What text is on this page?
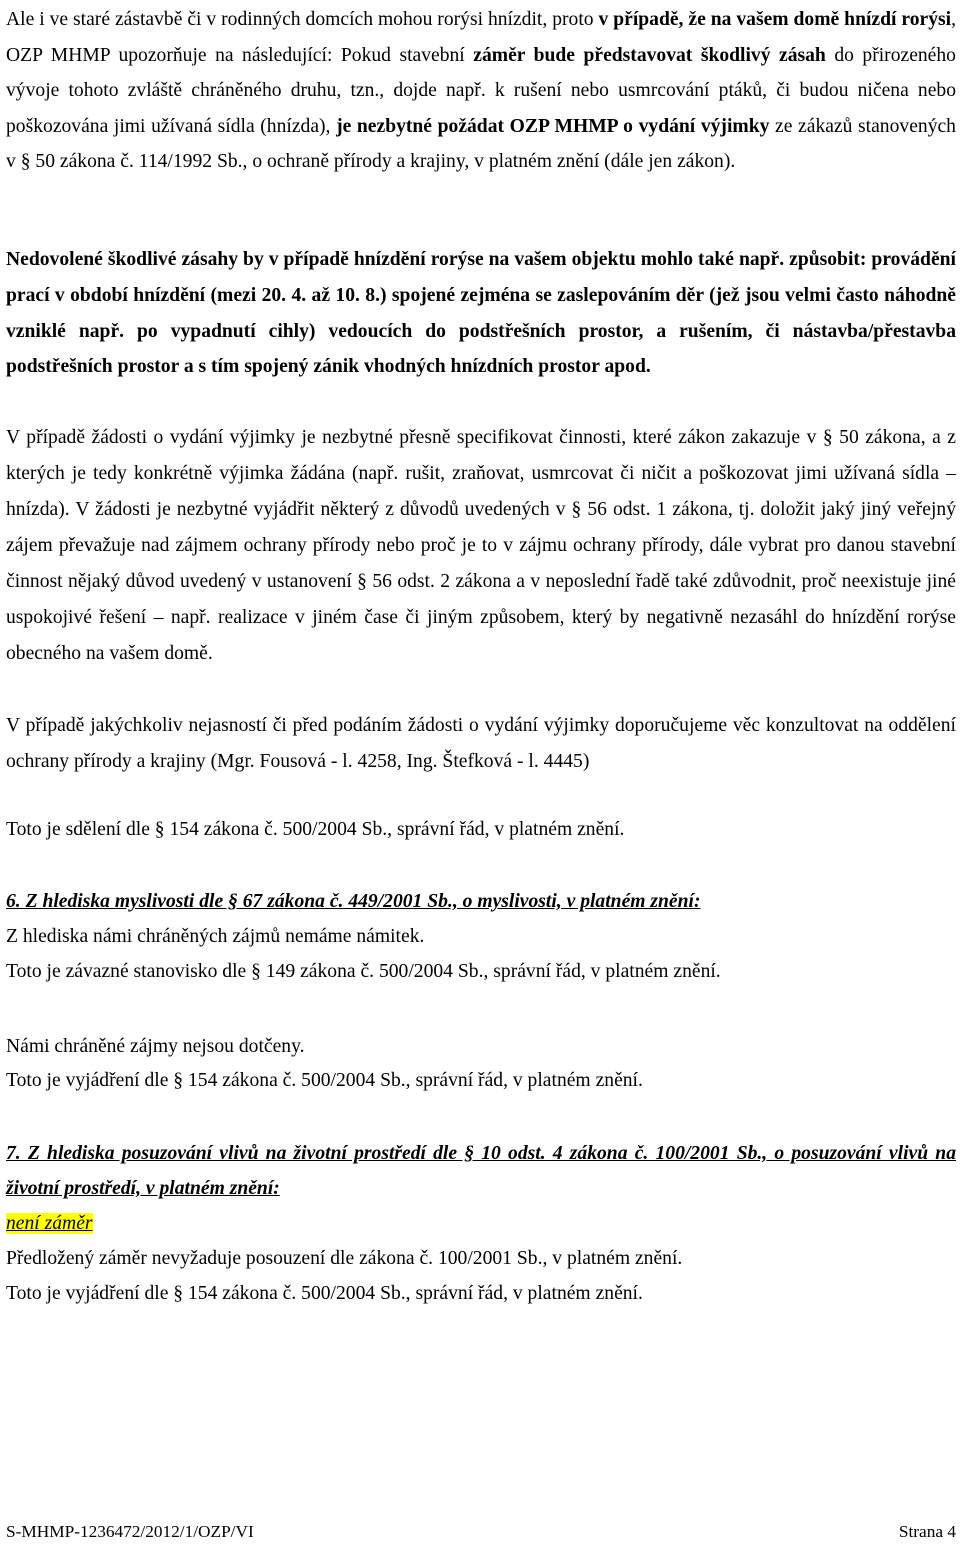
Ale i ve staré zástavbě či v rodinných domcích mohou rorýsi hnízdit, proto v případě, že na vašem domě hnízdí rorýsi, OZP MHMP upozorňuje na následující: Pokud stavební záměr bude představovat škodlivý zásah do přirozeného vývoje tohoto zvláště chráněného druhu, tzn., dojde např. k rušení nebo usmrcování ptáků, či budou ničena nebo poškozována jimi užívaná sídla (hnízda), je nezbytné požádat OZP MHMP o vydání výjimky ze zákazů stanovených v § 50 zákona č. 114/1992 Sb., o ochraně přírody a krajiny, v platném znění (dále jen zákon).

Nedovolené škodlivé zásahy by v případě hnízdění rorýse na vašem objektu mohlo také např. způsobit: provádění prací v období hnízdění (mezi 20. 4. až 10. 8.) spojené zejména se zaslepováním děr (jež jsou velmi často náhodně vzniklé např. po vypadnutí cihly) vedoucích do podstřešních prostor, a rušením, či nástavba/přestavba podstřešních prostor a s tím spojený zánik vhodných hnízdních prostor apod.

V případě žádosti o vydání výjimky je nezbytné přesně specifikovat činnosti, které zákon zakazuje v § 50 zákona, a z kterých je tedy konkrétně výjimka žádána (např. rušit, zraňovat, usmrcovat či ničit a poškozovat jimi užívaná sídla – hnízda). V žádosti je nezbytné vyjádřit některý z důvodů uvedených v § 56 odst. 1 zákona, tj. doložit jaký jiný veřejný zájem převažuje nad zájmem ochrany přírody nebo proč je to v zájmu ochrany přírody, dále vybrat pro danou stavební činnost nějaký důvod uvedený v ustanovení § 56 odst. 2 zákona a v neposlední řadě také zdůvodnit, proč neexistuje jiné uspokojivé řešení – např. realizace v jiném čase či jiným způsobem, který by negativně nezasáhl do hnízdění rorýse obecného na vašem domě.

V případě jakýchkoliv nejasností či před podáním žádosti o vydání výjimky doporučujeme věc konzultovat na oddělení ochrany přírody a krajiny (Mgr. Fousová - l. 4258, Ing. Štefková - l. 4445)

Toto je sdělení dle § 154 zákona č. 500/2004 Sb., správní řád, v platném znění.

6. Z hlediska myslivosti dle § 67 zákona č. 449/2001 Sb., o myslivosti, v platném znění:
Z hlediska námi chráněných zájmů nemáme námitek.
Toto je závazné stanovisko dle § 149 zákona č. 500/2004 Sb., správní řád, v platném znění.
Námi chráněné zájmy nejsou dotčeny.
Toto je vyjádření dle § 154 zákona č. 500/2004 Sb., správní řád, v platném znění.
7. Z hlediska posuzování vlivů na životní prostředí dle § 10 odst. 4 zákona č. 100/2001 Sb., o posuzování vlivů na životní prostředí, v platném znění:
není záměr
Předložený záměr nevyžaduje posouzení dle zákona č. 100/2001 Sb., v platném znění.
Toto je vyjádření dle § 154 zákona č. 500/2004 Sb., správní řád, v platném znění.
S-MHMP-1236472/2012/1/OZP/VI	Strana 4
